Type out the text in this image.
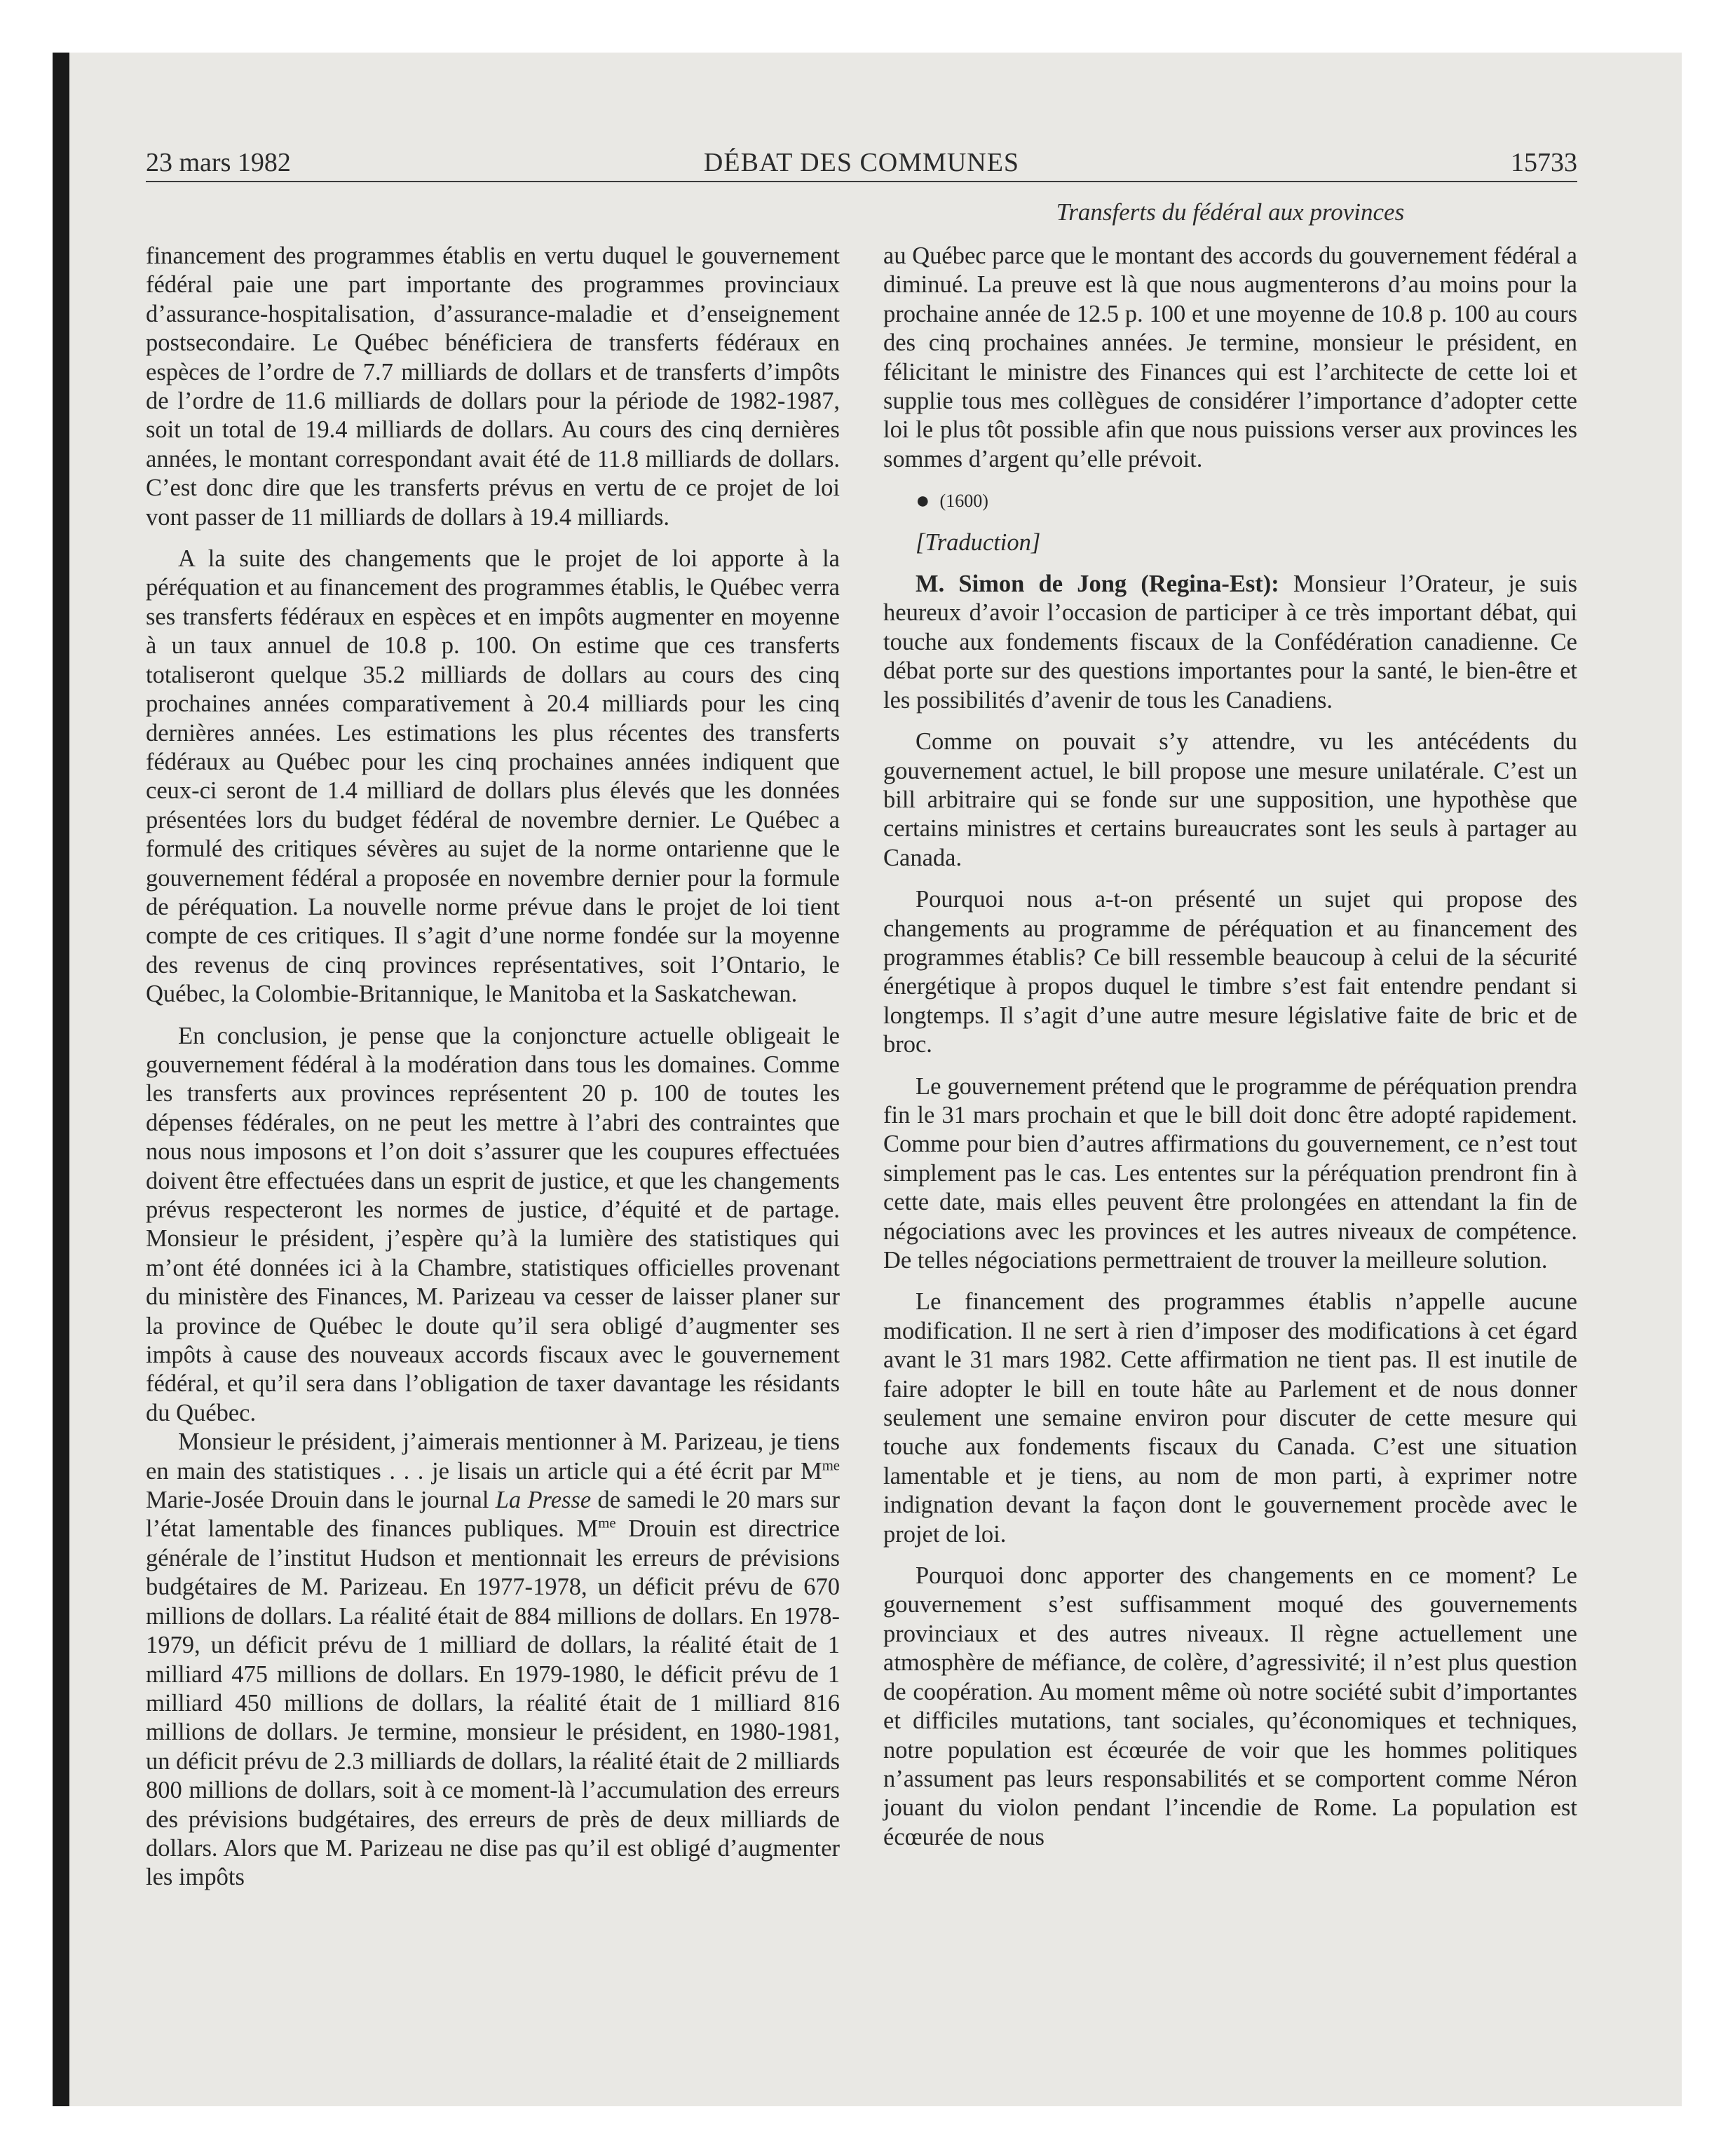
23 mars 1982	DÉBAT DES COMMUNES	15733
Transferts du fédéral aux provinces

financement des programmes établis en vertu duquel le gouvernement fédéral paie une part importante des programmes provinciaux d’assurance-hospitalisation, d’assurance-maladie et d’enseignement postsecondaire. Le Québec bénéficiera de transferts fédéraux en espèces de l’ordre de 7.7 milliards de dollars et de transferts d’impôts de l’ordre de 11.6 milliards de dollars pour la période de 1982-1987, soit un total de 19.4 milliards de dollars. Au cours des cinq dernières années, le montant correspondant avait été de 11.8 milliards de dollars. C’est donc dire que les transferts prévus en vertu de ce projet de loi vont passer de 11 milliards de dollars à 19.4 milliards.

A la suite des changements que le projet de loi apporte à la péréquation et au financement des programmes établis, le Québec verra ses transferts fédéraux en espèces et en impôts augmenter en moyenne à un taux annuel de 10.8 p. 100. On estime que ces transferts totaliseront quelque 35.2 milliards de dollars au cours des cinq prochaines années comparativement à 20.4 milliards pour les cinq dernières années. Les estimations les plus récentes des transferts fédéraux au Québec pour les cinq prochaines années indiquent que ceux-ci seront de 1.4 milliard de dollars plus élevés que les données présentées lors du budget fédéral de novembre dernier. Le Québec a formulé des critiques sévères au sujet de la norme ontarienne que le gouvernement fédéral a proposée en novembre dernier pour la formule de péréquation. La nouvelle norme prévue dans le projet de loi tient compte de ces critiques. Il s’agit d’une norme fondée sur la moyenne des revenus de cinq provinces représentatives, soit l’Ontario, le Québec, la Colombie-Britannique, le Manitoba et la Saskatchewan.

En conclusion, je pense que la conjoncture actuelle obligeait le gouvernement fédéral à la modération dans tous les domaines. Comme les transferts aux provinces représentent 20 p. 100 de toutes les dépenses fédérales, on ne peut les mettre à l’abri des contraintes que nous nous imposons et l’on doit s’assurer que les coupures effectuées doivent être effectuées dans un esprit de justice, et que les changements prévus respecteront les normes de justice, d’équité et de partage. Monsieur le président, j’espère qu’à la lumière des statistiques qui m’ont été données ici à la Chambre, statistiques officielles provenant du ministère des Finances, M. Parizeau va cesser de laisser planer sur la province de Québec le doute qu’il sera obligé d’augmenter ses impôts à cause des nouveaux accords fiscaux avec le gouvernement fédéral, et qu’il sera dans l’obligation de taxer davantage les résidants du Québec.

Monsieur le président, j’aimerais mentionner à M. Parizeau, je tiens en main des statistiques . . . je lisais un article qui a été écrit par $M^{me}$ Marie-Josée Drouin dans le journal La Presse de samedi le 20 mars sur l’état lamentable des finances publiques. $M^{me}$ Drouin est directrice générale de l’institut Hudson et mentionnait les erreurs de prévisions budgétaires de M. Parizeau. En 1977-1978, un déficit prévu de 670 millions de dollars. La réalité était de 884 millions de dollars. En 1978-1979, un déficit prévu de 1 milliard de dollars, la réalité était de 1 milliard 475 millions de dollars. En 1979-1980, le déficit prévu de 1 milliard 450 millions de dollars, la réalité était de 1 milliard 816 millions de dollars. Je termine, monsieur le président, en 1980-1981, un déficit prévu de 2.3 milliards de dollars, la réalité était de 2 milliards 800 millions de dollars, soit à ce moment-là l’accumulation des erreurs des prévisions budgétaires, des erreurs de près de deux milliards de dollars. Alors que M. Parizeau ne dise pas qu’il est obligé d’augmenter les impôts

au Québec parce que le montant des accords du gouvernement fédéral a diminué. La preuve est là que nous augmenterons d’au moins pour la prochaine année de 12.5 p. 100 et une moyenne de 10.8 p. 100 au cours des cinq prochaines années. Je termine, monsieur le président, en félicitant le ministre des Finances qui est l’architecte de cette loi et supplie tous mes collègues de considérer l’importance d’adopter cette loi le plus tôt possible afin que nous puissions verser aux provinces les sommes d’argent qu’elle prévoit.

● (1600)

[Traduction]

M. Simon de Jong (Regina-Est): Monsieur l’Orateur, je suis heureux d’avoir l’occasion de participer à ce très important débat, qui touche aux fondements fiscaux de la Confédération canadienne. Ce débat porte sur des questions importantes pour la santé, le bien-être et les possibilités d’avenir de tous les Canadiens.

Comme on pouvait s’y attendre, vu les antécédents du gouvernement actuel, le bill propose une mesure unilatérale. C’est un bill arbitraire qui se fonde sur une supposition, une hypothèse que certains ministres et certains bureaucrates sont les seuls à partager au Canada.

Pourquoi nous a-t-on présenté un sujet qui propose des changements au programme de péréquation et au financement des programmes établis? Ce bill ressemble beaucoup à celui de la sécurité énergétique à propos duquel le timbre s’est fait entendre pendant si longtemps. Il s’agit d’une autre mesure législative faite de bric et de broc.

Le gouvernement prétend que le programme de péréquation prendra fin le 31 mars prochain et que le bill doit donc être adopté rapidement. Comme pour bien d’autres affirmations du gouvernement, ce n’est tout simplement pas le cas. Les ententes sur la péréquation prendront fin à cette date, mais elles peuvent être prolongées en attendant la fin de négociations avec les provinces et les autres niveaux de compétence. De telles négociations permettraient de trouver la meilleure solution.

Le financement des programmes établis n’appelle aucune modification. Il ne sert à rien d’imposer des modifications à cet égard avant le 31 mars 1982. Cette affirmation ne tient pas. Il est inutile de faire adopter le bill en toute hâte au Parlement et de nous donner seulement une semaine environ pour discuter de cette mesure qui touche aux fondements fiscaux du Canada. C’est une situation lamentable et je tiens, au nom de mon parti, à exprimer notre indignation devant la façon dont le gouvernement procède avec le projet de loi.

Pourquoi donc apporter des changements en ce moment? Le gouvernement s’est suffisamment moqué des gouvernements provinciaux et des autres niveaux. Il règne actuellement une atmosphère de méfiance, de colère, d’agressivité; il n’est plus question de coopération. Au moment même où notre société subit d’importantes et difficiles mutations, tant sociales, qu’économiques et techniques, notre population est écœurée de voir que les hommes politiques n’assument pas leurs responsabilités et se comportent comme Néron jouant du violon pendant l’incendie de Rome. La population est écœurée de nous
